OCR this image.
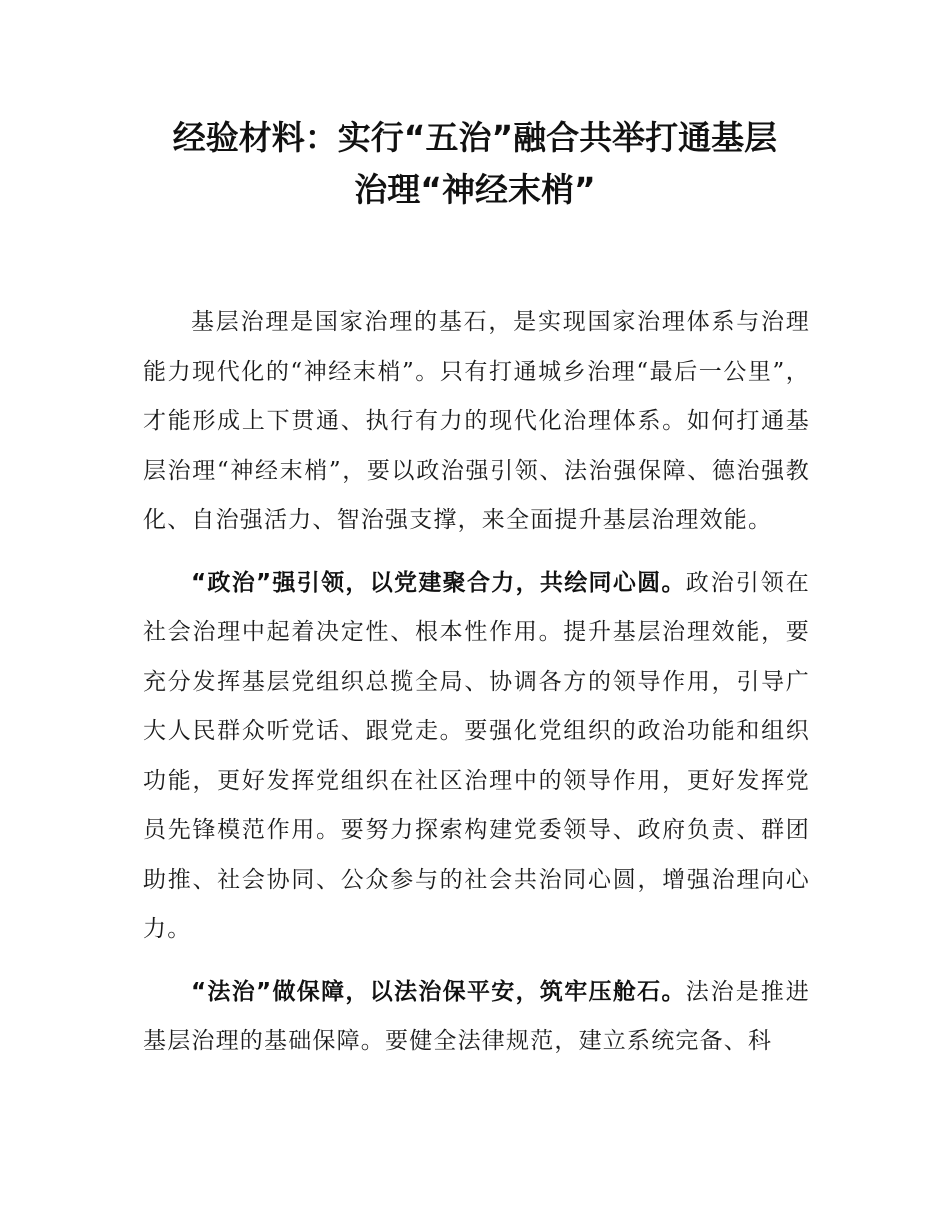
经验材料：实行“五治”融合共举打通基层
治理“神经末梢”

基层治理是国家治理的基石，是实现国家治理体系与治理能力现代化的“神经末梢”。只有打通城乡治理“最后一公里”，才能形成上下贯通、执行有力的现代化治理体系。如何打通基层治理“神经末梢”，要以政治强引领、法治强保障、德治强教化、自治强活力、智治强支撑，来全面提升基层治理效能。

“政治”强引领，以党建聚合力，共绘同心圆。政治引领在社会治理中起着决定性、根本性作用。提升基层治理效能，要充分发挥基层党组织总揽全局、协调各方的领导作用，引导广大人民群众听党话、跟党走。要强化党组织的政治功能和组织功能，更好发挥党组织在社区治理中的领导作用，更好发挥党员先锋模范作用。要努力探索构建党委领导、政府负责、群团助推、社会协同、公众参与的社会共治同心圆，增强治理向心力。

“法治”做保障，以法治保平安，筑牢压舱石。法治是推进基层治理的基础保障。要健全法律规范，建立系统完备、科
